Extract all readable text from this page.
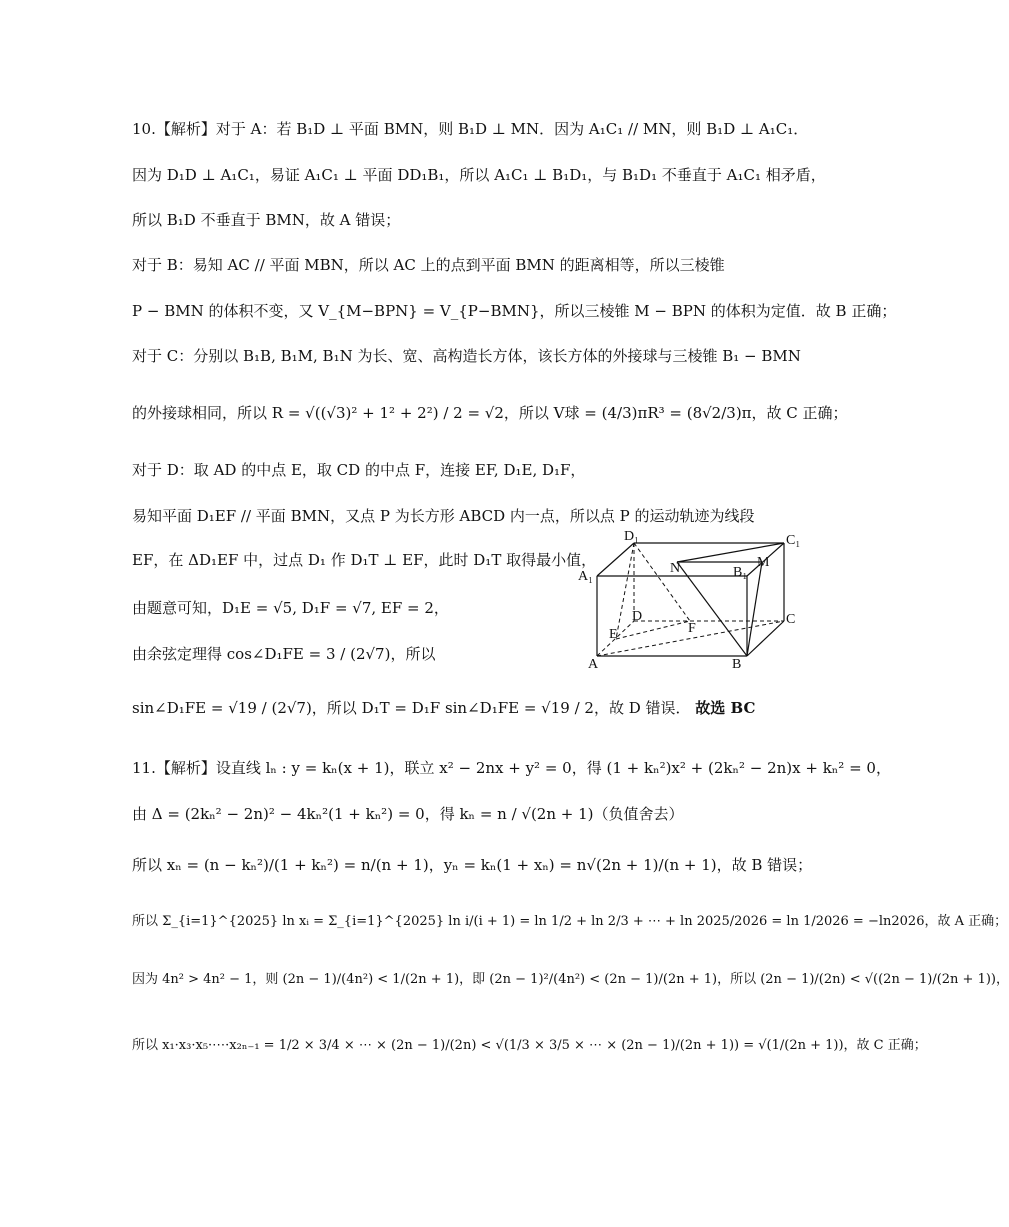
10.【解析】对于 A：若 B₁D ⊥ 平面 BMN，则 B₁D ⊥ MN．因为 A₁C₁ // MN，则 B₁D ⊥ A₁C₁．
因为 D₁D ⊥ A₁C₁，易证 A₁C₁ ⊥ 平面 DD₁B₁，所以 A₁C₁ ⊥ B₁D₁，与 B₁D₁ 不垂直于 A₁C₁ 相矛盾，
所以 B₁D 不垂直于 BMN，故 A 错误；
对于 B：易知 AC // 平面 MBN，所以 AC 上的点到平面 BMN 的距离相等，所以三棱锥
P − BMN 的体积不变，又 V_{M−BPN} = V_{P−BMN}，所以三棱锥 M − BPN 的体积为定值．故 B 正确；
对于 C：分别以 B₁B, B₁M, B₁N 为长、宽、高构造长方体，该长方体的外接球与三棱锥 B₁ − BMN
的外接球相同，所以 R = √((√3)² + 1² + 2²) / 2 = √2，所以 V球 = (4/3)πR³ = (8√2/3)π，故 C 正确；
对于 D：取 AD 的中点 E，取 CD 的中点 F，连接 EF, D₁E, D₁F，
易知平面 D₁EF // 平面 BMN，又点 P 为长方形 ABCD 内一点，所以点 P 的运动轨迹为线段
EF，在 ΔD₁EF 中，过点 D₁ 作 D₁T ⊥ EF，此时 D₁T 取得最小值，
由题意可知，D₁E = √5, D₁F = √7, EF = 2，
由余弦定理得 cos∠D₁FE = 3 / (2√7)，所以
sin∠D₁FE = √19 / (2√7)，所以 D₁T = D₁F sin∠D₁FE = √19 / 2，故 D 错误． 故选 BC
11.【解析】设直线 lₙ : y = kₙ(x + 1)，联立 x² − 2nx + y² = 0，得 (1 + kₙ²)x² + (2kₙ² − 2n)x + kₙ² = 0，
由 Δ = (2kₙ² − 2n)² − 4kₙ²(1 + kₙ²) = 0，得 kₙ = n / √(2n + 1)（负值舍去）
所以 xₙ = (n − kₙ²)/(1 + kₙ²) = n/(n + 1)，yₙ = kₙ(1 + xₙ) = n√(2n + 1)/(n + 1)，故 B 错误；
所以 Σ_{i=1}^{2025} ln xᵢ = Σ_{i=1}^{2025} ln i/(i + 1) = ln 1/2 + ln 2/3 + ⋯ + ln 2025/2026 = ln 1/2026 = −ln2026，故 A 正确；
因为 4n² > 4n² − 1，则 (2n − 1)/(4n²) < 1/(2n + 1)，即 (2n − 1)²/(4n²) < (2n − 1)/(2n + 1)，所以 (2n − 1)/(2n) < √((2n − 1)/(2n + 1))，
所以 x₁·x₃·x₅·⋯·x₂ₙ₋₁ = 1/2 × 3/4 × ⋯ × (2n − 1)/(2n) < √(1/3 × 3/5 × ⋯ × (2n − 1)/(2n + 1)) = √(1/(2n + 1))，故 C 正确；
D₁	C₁
A₁	B₁
N	M
D	C
E	F
A	B
